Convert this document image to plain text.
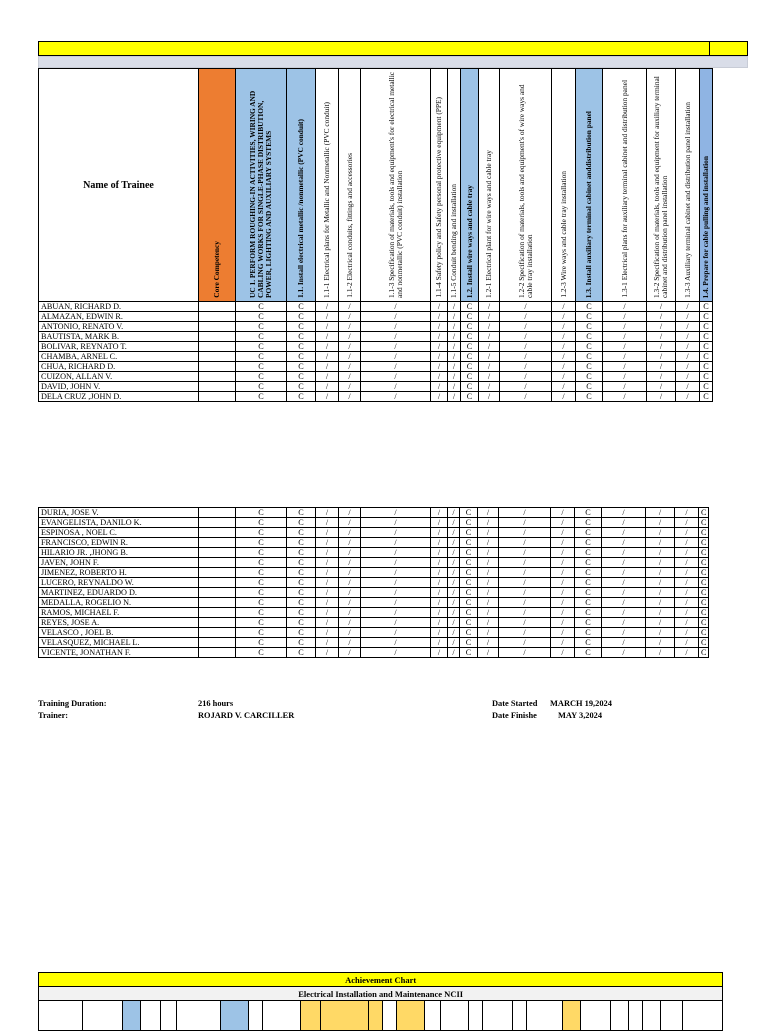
Name of Trainee	Core Competency	UC 1. PERFORM ROUGHING-IN ACTIVITIES, WIRING AND CABLING WORKS FOR SINGLE-PHASE DISTRIBUTION, POWER, LIGHTING AND AUXILIARY SYSTEMS	1.1. Install electrical metallic /nonmetallic (PVC conduit)	1.1-1 Electrical plans for Metallic and Nonmetallic (PVC conduit)	1.1-2 Electrical conduits, fittings and accessories	1.1-3 Specification of materials, tools and equipment's for electrical metallic and nonmetallic (PVC conduit) installation	1.1-4 Safety policy and Safety personal protective equipment (PPE)	1.1-5 Conduit bending and installation	1.2. Install wire ways and cable tray	1.2-1 Electrical plant for wire ways and cable tray	1.2-2 Specification of materials, tools and equipment's of wire ways and cable tray installation	1.2-3 Wire ways and cable tray installation	1.3. Install auxiliary terminal cabinet anddistribution panel	1.3-1 Electrical plans for auxiliary terminal cabinet and distribution panel	1.3-2 Specification of materials, tools and equipment for auxiliary terminal cabinet and distribution panel installation	1.3-3 Auxiliary terminal cabinet and distribution panel installation	1.4. Prepare for cable pulling and installation

ABUAN, RICHARD D.		C	C	/	/	/	/	/	C	/	/	/	C	/	/	/	C
ALMAZAN, EDWIN R.		C	C	/	/	/	/	/	C	/	/	/	C	/	/	/	C
ANTONIO, RENATO V.		C	C	/	/	/	/	/	C	/	/	/	C	/	/	/	C
BAUTISTA, MARK B.		C	C	/	/	/	/	/	C	/	/	/	C	/	/	/	C
BOLIVAR, REYNATO T.		C	C	/	/	/	/	/	C	/	/	/	C	/	/	/	C
CHAMBA, ARNEL C.		C	C	/	/	/	/	/	C	/	/	/	C	/	/	/	C
CHUA, RICHARD D.		C	C	/	/	/	/	/	C	/	/	/	C	/	/	/	C
CUIZON, ALLAN V.		C	C	/	/	/	/	/	C	/	/	/	C	/	/	/	C
DAVID, JOHN V.		C	C	/	/	/	/	/	C	/	/	/	C	/	/	/	C
DELA CRUZ ,JOHN D.		C	C	/	/	/	/	/	C	/	/	/	C	/	/	/	C
DURIA, JOSE V.		C	C	/	/	/	/	/	C	/	/	/	C	/	/	/	C
EVANGELISTA, DANILO K.		C	C	/	/	/	/	/	C	/	/	/	C	/	/	/	C
ESPINOSA , NOEL C.		C	C	/	/	/	/	/	C	/	/	/	C	/	/	/	C
FRANCISCO, EDWIN R.		C	C	/	/	/	/	/	C	/	/	/	C	/	/	/	C
HILARIO JR. ,JHONG B.		C	C	/	/	/	/	/	C	/	/	/	C	/	/	/	C
JAVEN, JOHN F.		C	C	/	/	/	/	/	C	/	/	/	C	/	/	/	C
JIMENEZ, ROBERTO H.		C	C	/	/	/	/	/	C	/	/	/	C	/	/	/	C
LUCERO, REYNALDO W.		C	C	/	/	/	/	/	C	/	/	/	C	/	/	/	C
MARTINEZ, EDUARDO D.		C	C	/	/	/	/	/	C	/	/	/	C	/	/	/	C
MEDALLA, ROGELIO N.		C	C	/	/	/	/	/	C	/	/	/	C	/	/	/	C
RAMOS, MICHAEL F.		C	C	/	/	/	/	/	C	/	/	/	C	/	/	/	C
REYES, JOSE A.		C	C	/	/	/	/	/	C	/	/	/	C	/	/	/	C
VELASCO , JOEL B.		C	C	/	/	/	/	/	C	/	/	/	C	/	/	/	C
VELASQUEZ, MICHAEL L.		C	C	/	/	/	/	/	C	/	/	/	C	/	/	/	C
VICENTE, JONATHAN F.		C	C	/	/	/	/	/	C	/	/	/	C	/	/	/	C
Training Duration:	216 hours
Trainer:	ROJARD V. CARCILLER
Date Started MARCH 19,2024
Date Finishe	MAY 3,2024
Achievement Chart
Electrical Installation and Maintenance NCII
